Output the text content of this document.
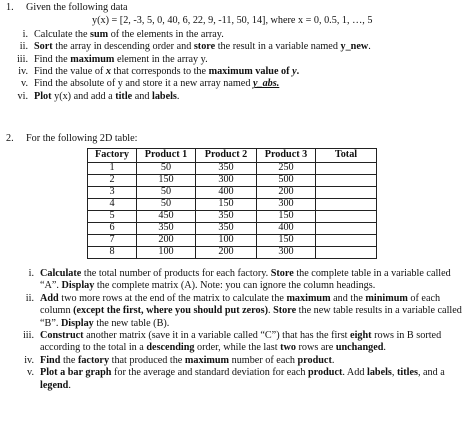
1.	Given the following data
y(x) = [2, -3, 5, 0, 40, 6, 22, 9, -11, 50, 14], where x = 0, 0.5, 1, …, 5
i. Calculate the sum of the elements in the array.
ii. Sort the array in descending order and store the result in a variable named y_new.
iii. Find the maximum element in the array y.
iv. Find the value of x that corresponds to the maximum value of y.
v. Find the absolute of y and store it a new array named y_abs.
vi. Plot y(x) and add a title and labels.
2.	For the following 2D table:
Factory	Product 1	Product 2	Product 3	Total
1	50	350	250	
2	150	300	500	
3	50	400	200	
4	50	150	300	
5	450	350	150	
6	350	350	400	
7	200	100	150	
8	100	200	300	
i. Calculate the total number of products for each factory. Store the complete table in a variable called “A”. Display the complete matrix (A). Note: you can ignore the column headings.
ii. Add two more rows at the end of the matrix to calculate the maximum and the minimum of each column (except the first, where you should put zeros). Store the new table results in a variable called “B”. Display the new table (B).
iii. Construct another matrix (save it in a variable called “C”) that has the first eight rows in B sorted according to the total in a descending order, while the last two rows are unchanged.
iv. Find the factory that produced the maximum number of each product.
v. Plot a bar graph for the average and standard deviation for each product. Add labels, titles, and a legend.
